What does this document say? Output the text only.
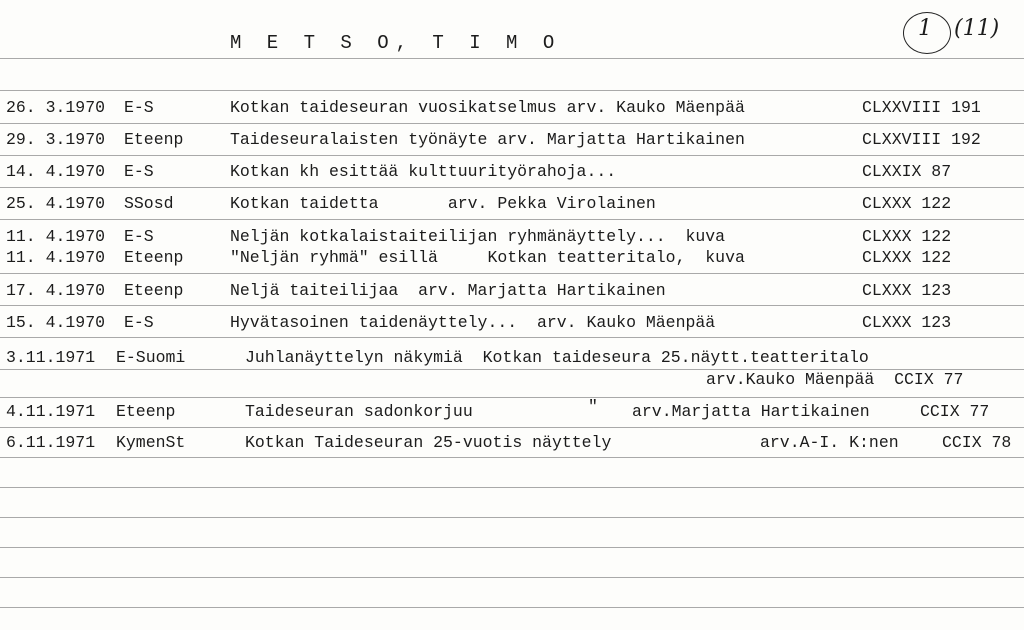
M E T S O, T I M O
1 (11)
26. 3.1970 E-S	Kotkan taideseuran vuosikatselmus arv. Kauko Mäenpää	CLXXVIII 191
29. 3.1970 Eteenp	Taideseuralaisten työnäyte arv. Marjatta Hartikainen	CLXXVIII 192
14. 4.1970 E-S	Kotkan kh esittää kulttuurityörahoja...	CLXXIX 87
25. 4.1970 SSosd	Kotkan taidetta       arv. Pekka Virolainen	CLXXX 122
11. 4.1970 E-S	Neljän kotkalaistaiteilijan ryhmänäyttely...  kuva	CLXXX 122
11. 4.1970 Eteenp	"Neljän ryhmä" esillä     Kotkan teatteritalo,  kuva	CLXXX 122
17. 4.1970 Eteenp	Neljä taiteilijaa  arv. Marjatta Hartikainen	CLXXX 123
15. 4.1970 E-S	Hyvätasoinen taidenäyttely...  arv. Kauko Mäenpää	CLXXX 123
3.11.1971 E-Suomi	Juhlanäyttelyn näkymiä  Kotkan taideseura 25.näytt.teatteritalo
arv.Kauko Mäenpää  CCIX 77
4.11.1971 Eteenp	Taideseuran sadonkorjuu	" arv.Marjatta Hartikainen	CCIX 77
6.11.1971 KymenSt	Kotkan Taideseuran 25-vuotis näyttely	arv.A-I. K:nen	CCIX 78
